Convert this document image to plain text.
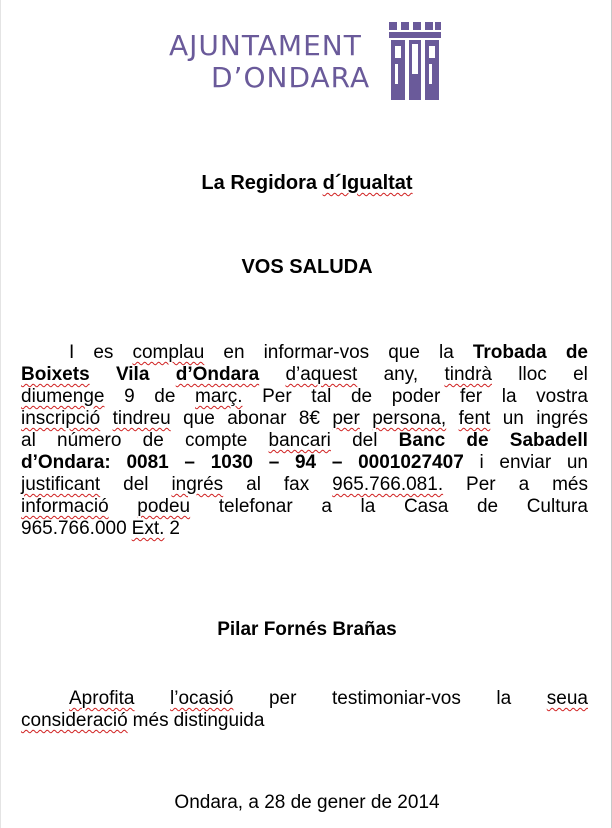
AJUNTAMENT
D’ONDARA
La Regidora d´Igualtat
VOS SALUDA
I es complau en informar-vos que la Trobada de
Boixets Vila d’Ondara d’aquest any, tindrà lloc el
diumenge 9 de març. Per tal de poder fer la vostra
inscripció tindreu que abonar 8€ per persona, fent un ingrés
al número de compte bancari del Banc de Sabadell
d’Ondara: 0081 – 1030 – 94 – 0001027407 i enviar un
justificant del ingrés al fax 965.766.081. Per a més
informació podeu telefonar a la Casa de Cultura
965.766.000 Ext. 2
Pilar Fornés Brañas
Aprofita l’ocasió per testimoniar-vos la seua
consideració més distinguida
Ondara, a 28 de gener de 2014
